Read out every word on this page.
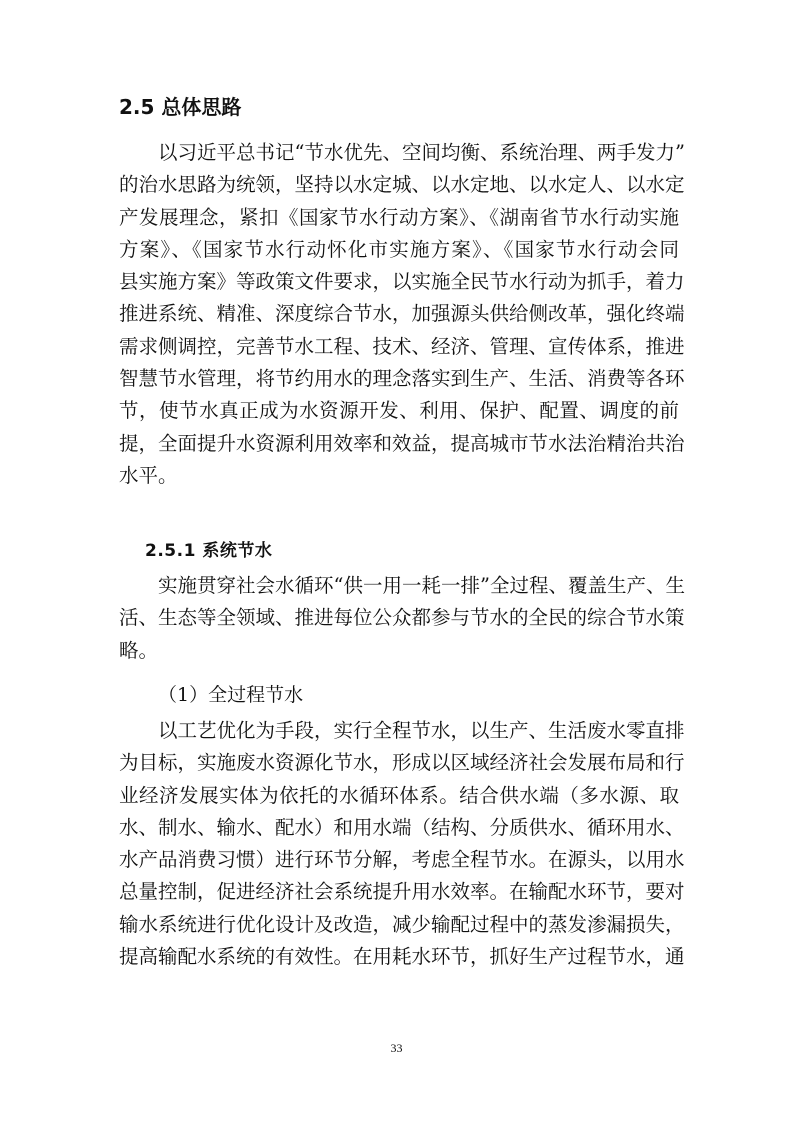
2.5 总体思路
以习近平总书记“节水优先、空间均衡、系统治理、两手发力”
的治水思路为统领，坚持以水定城、以水定地、以水定人、以水定
产发展理念，紧扣《国家节水行动方案》、《湖南省节水行动实施
方案》、《国家节水行动怀化市实施方案》、《国家节水行动会同
县实施方案》等政策文件要求，以实施全民节水行动为抓手，着力
推进系统、精准、深度综合节水，加强源头供给侧改革，强化终端
需求侧调控，完善节水工程、技术、经济、管理、宣传体系，推进
智慧节水管理，将节约用水的理念落实到生产、生活、消费等各环
节，使节水真正成为水资源开发、利用、保护、配置、调度的前
提，全面提升水资源利用效率和效益，提高城市节水法治精治共治
水平。
2.5.1 系统节水
实施贯穿社会水循环“供一用一耗一排”全过程、覆盖生产、生
活、生态等全领域、推进每位公众都参与节水的全民的综合节水策
略。
（1）全过程节水
以工艺优化为手段，实行全程节水，以生产、生活废水零直排
为目标，实施废水资源化节水，形成以区域经济社会发展布局和行
业经济发展实体为依托的水循环体系。结合供水端（多水源、取
水、制水、输水、配水）和用水端（结构、分质供水、循环用水、
水产品消费习惯）进行环节分解，考虑全程节水。在源头，以用水
总量控制，促进经济社会系统提升用水效率。在输配水环节，要对
输水系统进行优化设计及改造，减少输配过程中的蒸发渗漏损失，
提高输配水系统的有效性。在用耗水环节，抓好生产过程节水，通
33
